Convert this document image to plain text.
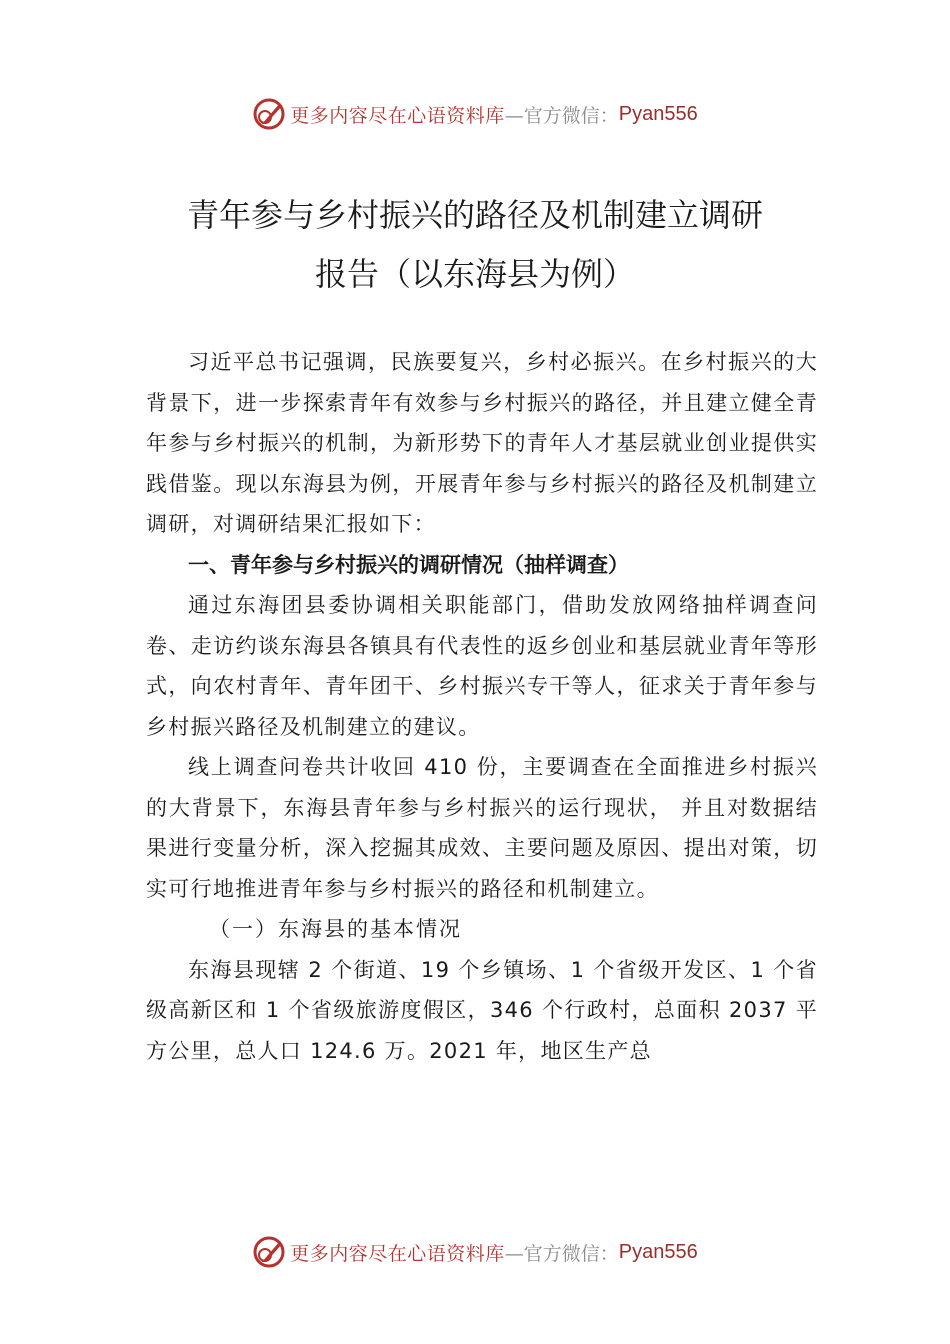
更多内容尽在心语资料库 —官方微信： Pyan556
青年参与乡村振兴的路径及机制建立调研
报告（以东海县为例）

习近平总书记强调，民族要复兴，乡村必振兴。在乡村振兴的大背景下，进一步探索青年有效参与乡村振兴的路径，并且建立健全青年参与乡村振兴的机制，为新形势下的青年人才基层就业创业提供实践借鉴。现以东海县为例，开展青年参与乡村振兴的路径及机制建立调研，对调研结果汇报如下：

一、青年参与乡村振兴的调研情况（抽样调查）

通过东海团县委协调相关职能部门，借助发放网络抽样调查问卷、走访约谈东海县各镇具有代表性的返乡创业和基层就业青年等形式，向农村青年、青年团干、乡村振兴专干等人，征求关于青年参与乡村振兴路径及机制建立的建议。

线上调查问卷共计收回 410 份，主要调查在全面推进乡村振兴的大背景下，东海县青年参与乡村振兴的运行现状， 并且对数据结果进行变量分析，深入挖掘其成效、主要问题及原因、提出对策，切实可行地推进青年参与乡村振兴的路径和机制建立。

（一）东海县的基本情况

东海县现辖 2 个街道、19 个乡镇场、1 个省级开发区、1 个省级高新区和 1 个省级旅游度假区，346 个行政村，总面积 2037 平方公里，总人口 124.6 万。2021 年，地区生产总

更多内容尽在心语资料库 —官方微信： Pyan556
